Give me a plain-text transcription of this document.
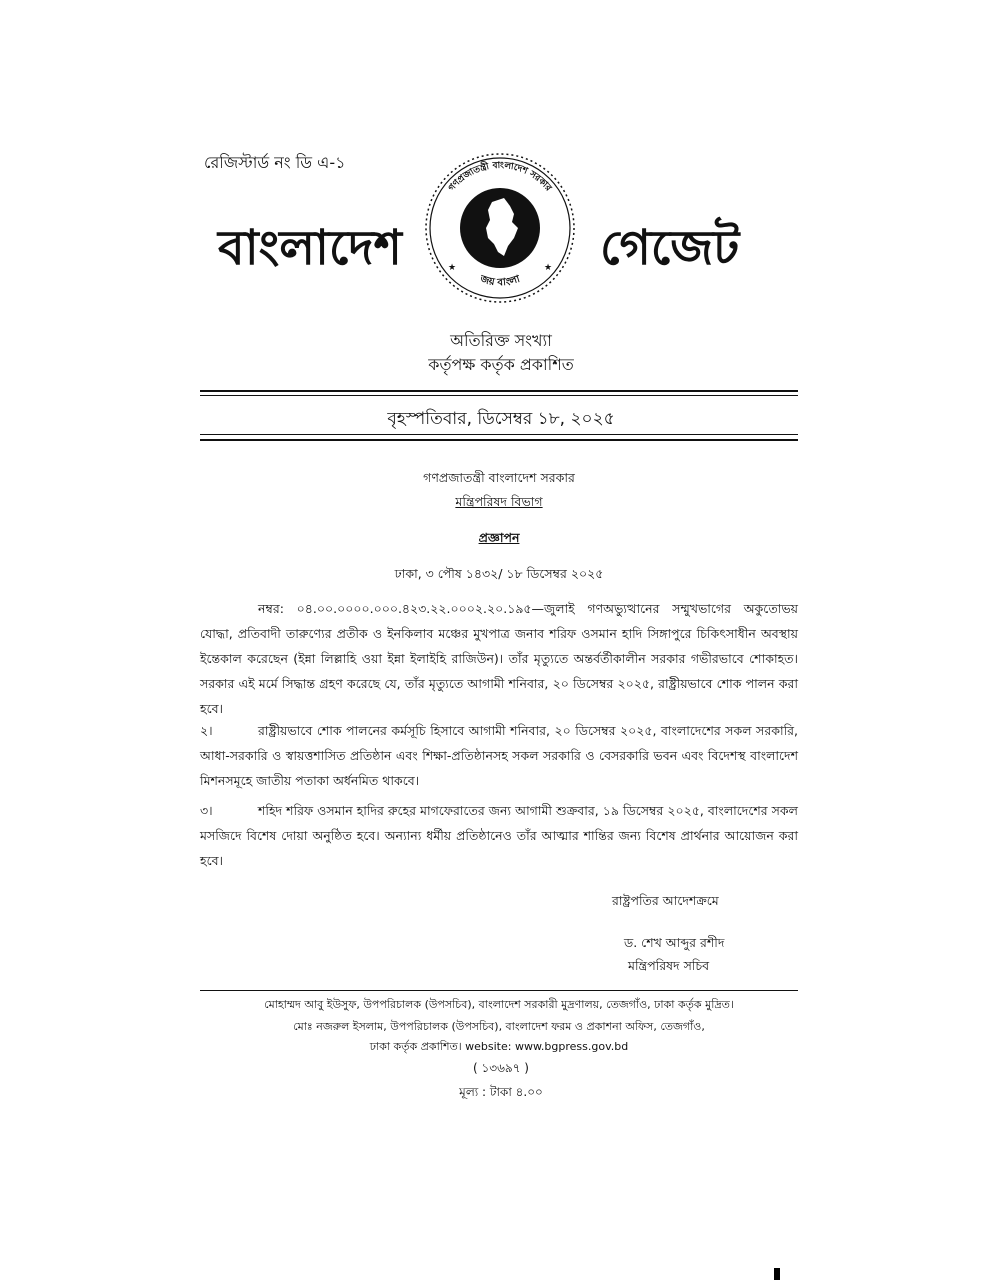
রেজিস্টার্ড নং ডি এ-১
বাংলাদেশ
গণপ্রজাতন্ত্রী বাংলাদেশ সরকার
★	★
জয় বাংলা
গেজেট
অতিরিক্ত সংখ্যা
কর্তৃপক্ষ কর্তৃক প্রকাশিত
বৃহস্পতিবার, ডিসেম্বর ১৮, ২০২৫
গণপ্রজাতন্ত্রী বাংলাদেশ সরকার
মন্ত্রিপরিষদ বিভাগ
প্রজ্ঞাপন
ঢাকা, ৩ পৌষ ১৪৩২/ ১৮ ডিসেম্বর ২০২৫
নম্বর: ০৪.০০.০০০০.০০০.৪২৩.২২.০০০২.২০.১৯৫—জুলাই গণঅভ্যুত্থানের সম্মুখভাগের অকুতোভয় যোদ্ধা, প্রতিবাদী তারুণ্যের প্রতীক ও ইনকিলাব মঞ্চের মুখপাত্র জনাব শরিফ ওসমান হাদি সিঙ্গাপুরে চিকিৎসাধীন অবস্থায় ইন্তেকাল করেছেন (ইন্না লিল্লাহি ওয়া ইন্না ইলাইহি রাজিউন)। তাঁর মৃত্যুতে অন্তর্বর্তীকালীন সরকার গভীরভাবে শোকাহত। সরকার এই মর্মে সিদ্ধান্ত গ্রহণ করেছে যে, তাঁর মৃত্যুতে আগামী শনিবার, ২০ ডিসেম্বর ২০২৫, রাষ্ট্রীয়ভাবে শোক পালন করা হবে।
২।	রাষ্ট্রীয়ভাবে শোক পালনের কর্মসূচি হিসাবে আগামী শনিবার, ২০ ডিসেম্বর ২০২৫, বাংলাদেশের সকল সরকারি, আধা-সরকারি ও স্বায়ত্তশাসিত প্রতিষ্ঠান এবং শিক্ষা-প্রতিষ্ঠানসহ সকল সরকারি ও বেসরকারি ভবন এবং বিদেশস্থ বাংলাদেশ মিশনসমূহে জাতীয় পতাকা অর্ধনমিত থাকবে।
৩।	শহিদ শরিফ ওসমান হাদির রুহের মাগফেরাতের জন্য আগামী শুক্রবার, ১৯ ডিসেম্বর ২০২৫, বাংলাদেশের সকল মসজিদে বিশেষ দোয়া অনুষ্ঠিত হবে। অন্যান্য ধর্মীয় প্রতিষ্ঠানেও তাঁর আত্মার শান্তির জন্য বিশেষ প্রার্থনার আয়োজন করা হবে।
রাষ্ট্রপতির আদেশক্রমে
ড. শেখ আব্দুর রশীদ
মন্ত্রিপরিষদ সচিব
মোহাম্মদ আবু ইউসুফ, উপপরিচালক (উপসচিব), বাংলাদেশ সরকারী মুদ্রণালয়, তেজগাঁও, ঢাকা কর্তৃক মুদ্রিত।
মোঃ নজরুল ইসলাম, উপপরিচালক (উপসচিব), বাংলাদেশ ফরম ও প্রকাশনা অফিস, তেজগাঁও,
ঢাকা কর্তৃক প্রকাশিত। website: www.bgpress.gov.bd
( ১৩৬৯৭ )
মূল্য : টাকা ৪.০০
